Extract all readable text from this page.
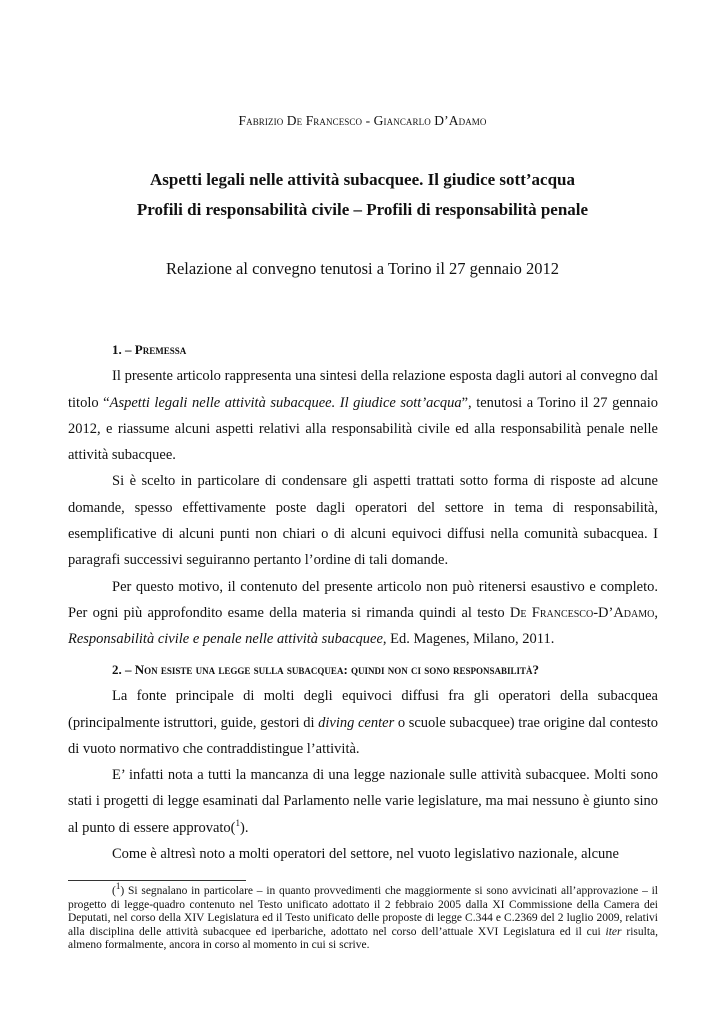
Fabrizio De Francesco - Giancarlo D’Adamo
Aspetti legali nelle attività subacquee. Il giudice sott’acqua
Profili di responsabilità civile – Profili di responsabilità penale
Relazione al convegno tenutosi a Torino il 27 gennaio 2012
1. – Premessa

Il presente articolo rappresenta una sintesi della relazione esposta dagli autori al convegno dal titolo “Aspetti legali nelle attività subacquee. Il giudice sott’acqua”, tenutosi a Torino il 27 gennaio 2012, e riassume alcuni aspetti relativi alla responsabilità civile ed alla responsabilità penale nelle attività subacquee.

Si è scelto in particolare di condensare gli aspetti trattati sotto forma di risposte ad alcune domande, spesso effettivamente poste dagli operatori del settore in tema di responsabilità, esemplificative di alcuni punti non chiari o di alcuni equivoci diffusi nella comunità subacquea. I paragrafi successivi seguiranno pertanto l’ordine di tali domande.

Per questo motivo, il contenuto del presente articolo non può ritenersi esaustivo e completo. Per ogni più approfondito esame della materia si rimanda quindi al testo De Francesco-D’Adamo, Responsabilità civile e penale nelle attività subacquee, Ed. Magenes, Milano, 2011.

2. – Non esiste una legge sulla subacquea: quindi non ci sono responsabilità?

La fonte principale di molti degli equivoci diffusi fra gli operatori della subacquea (principalmente istruttori, guide, gestori di diving center o scuole subacquee) trae origine dal contesto di vuoto normativo che contraddistingue l’attività.

E’ infatti nota a tutti la mancanza di una legge nazionale sulle attività subacquee. Molti sono stati i progetti di legge esaminati dal Parlamento nelle varie legislature, ma mai nessuno è giunto sino al punto di essere approvato($^1$).

Come è altresì noto a molti operatori del settore, nel vuoto legislativo nazionale, alcune

($^1$) Si segnalano in particolare – in quanto provvedimenti che maggiormente si sono avvicinati all’approvazione – il progetto di legge-quadro contenuto nel Testo unificato adottato il 2 febbraio 2005 dalla XI Commissione della Camera dei Deputati, nel corso della XIV Legislatura ed il Testo unificato delle proposte di legge C.344 e C.2369 del 2 luglio 2009, relativi alla disciplina delle attività subacquee ed iperbariche, adottato nel corso dell’attuale XVI Legislatura ed il cui iter risulta, almeno formalmente, ancora in corso al momento in cui si scrive.
